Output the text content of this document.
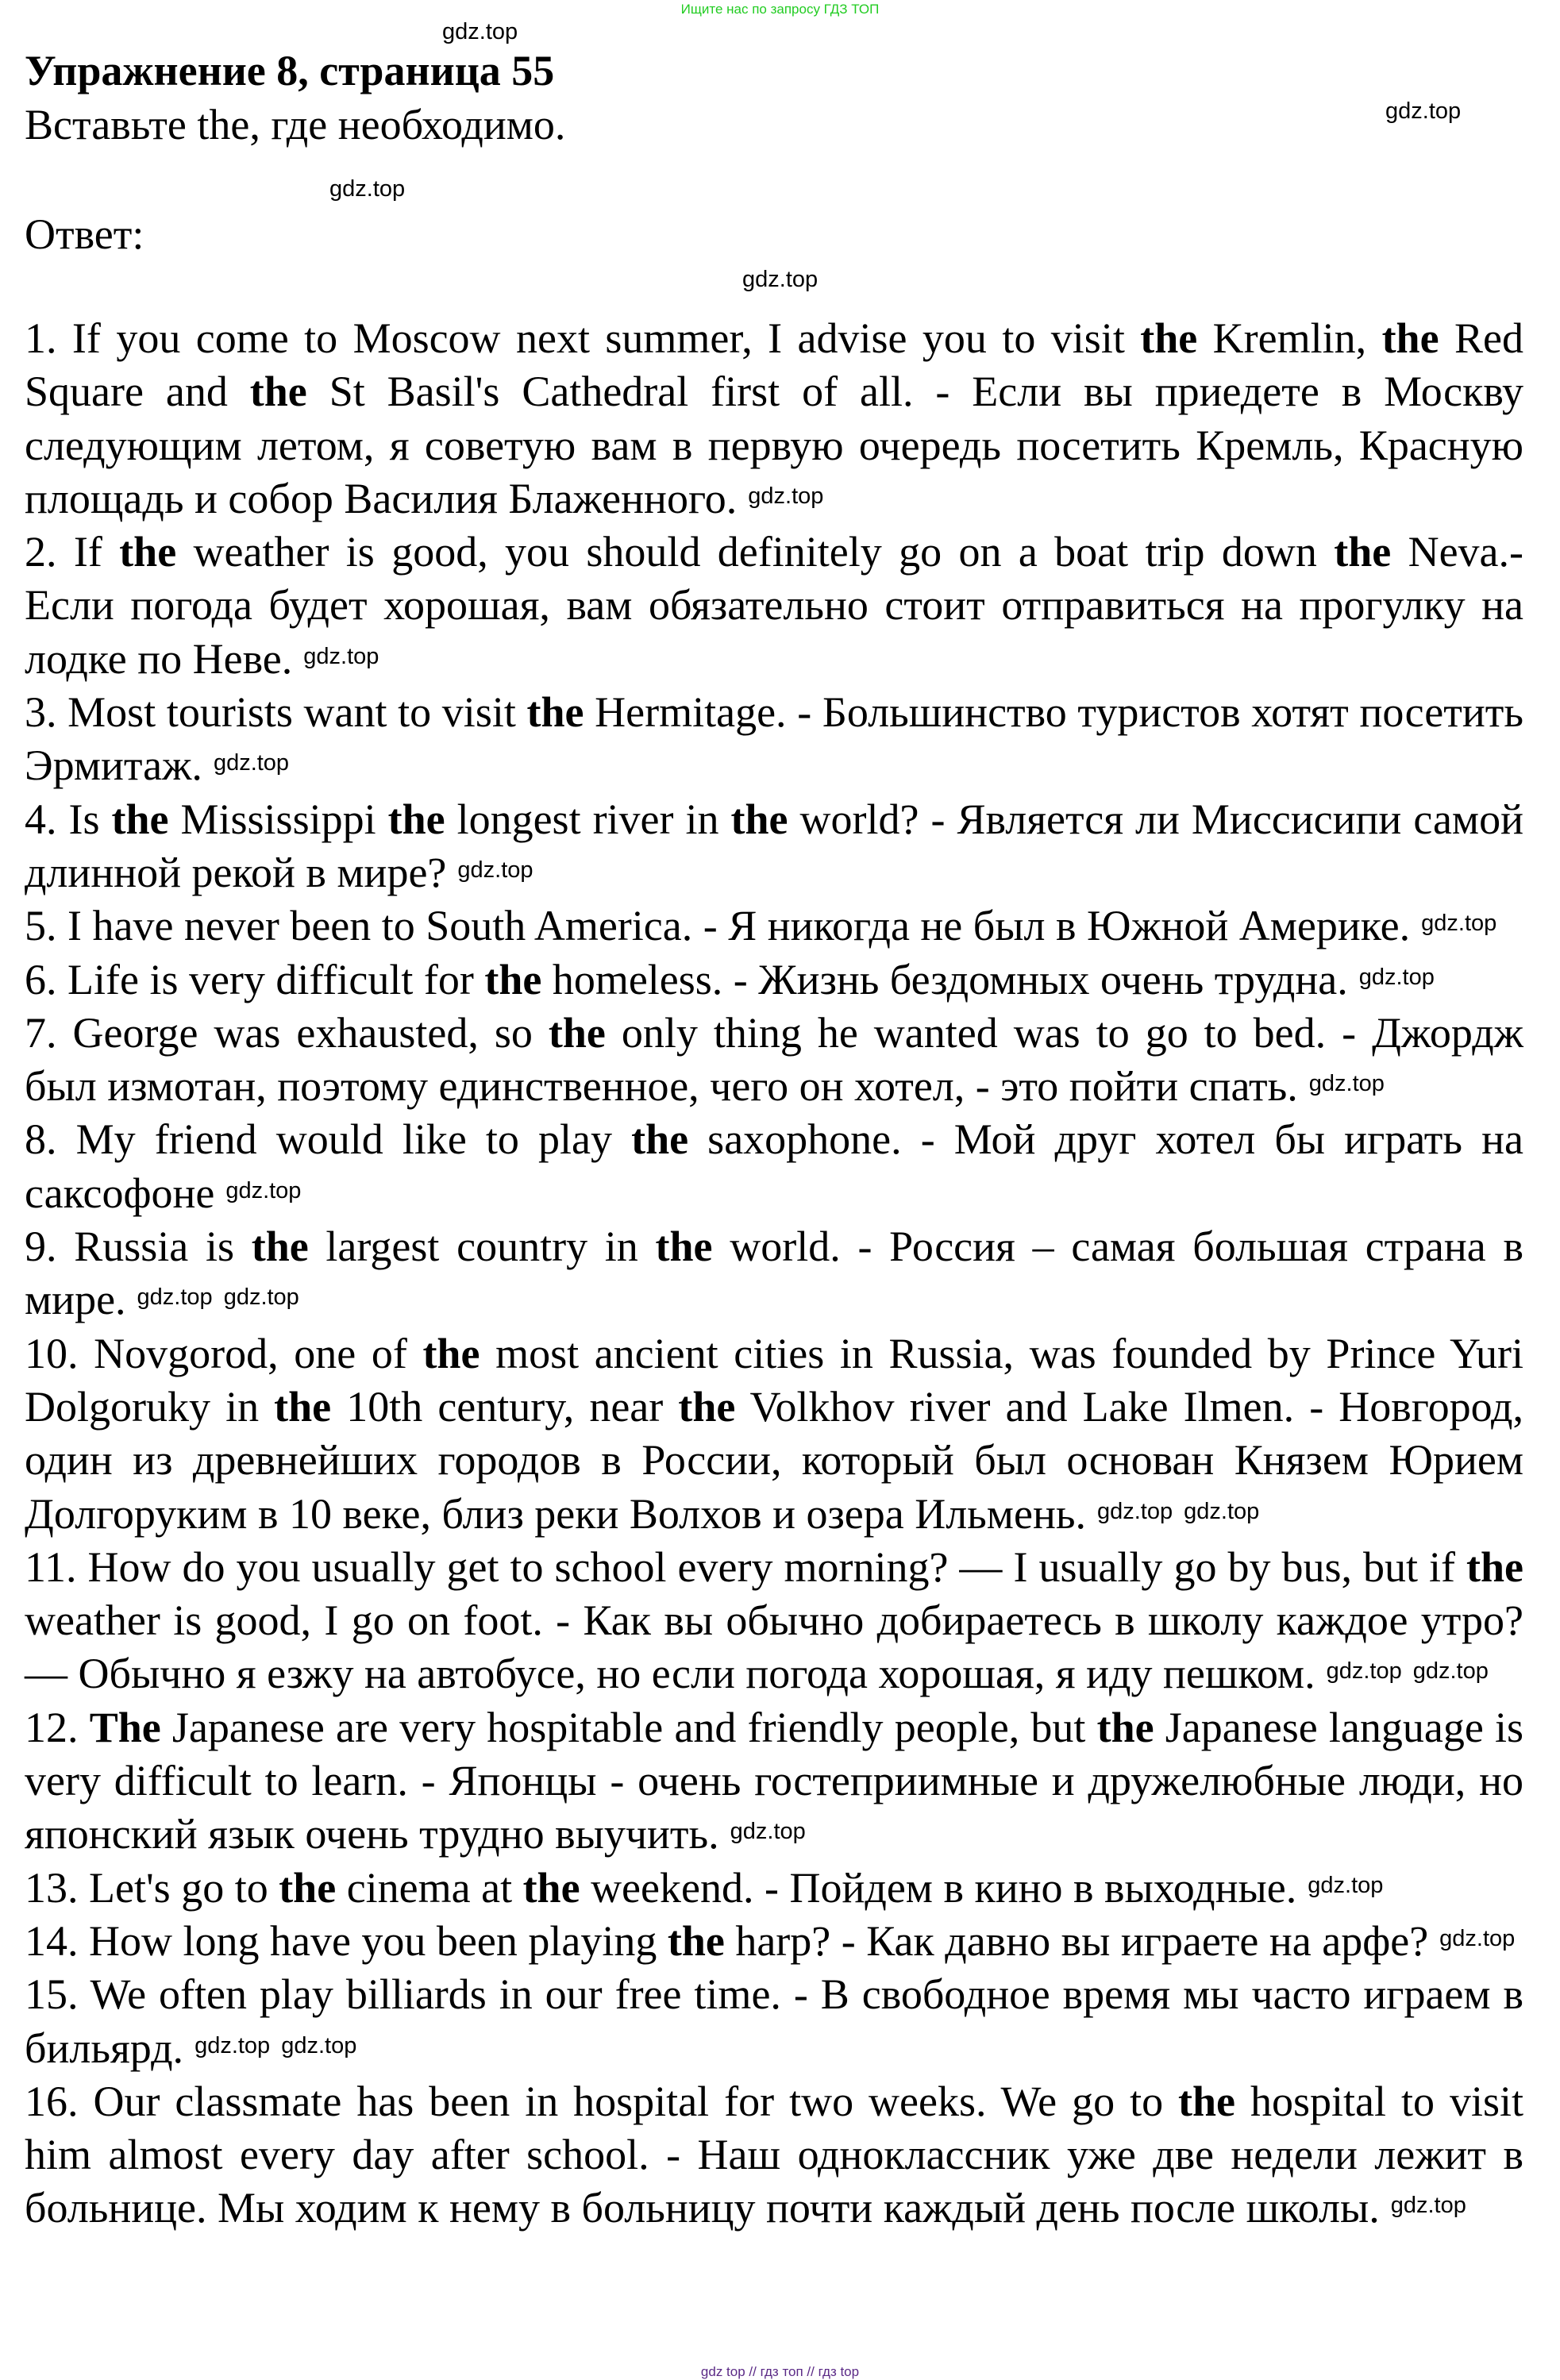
Ищите нас по запросу ГДЗ ТОП
Упражнение 8, страница 55
Вставьте the, где необходимо.
Ответ:

1. If you come to Moscow next summer, I advise you to visit the Kremlin, the Red Square and the St Basil's Cathedral first of all. - Если вы приедете в Москву следующим летом, я советую вам в первую очередь посетить Кремль, Красную площадь и собор Василия Блаженного. $^{gdz.top}$

2. If the weather is good, you should definitely go on a boat trip down the Neva.- Если погода будет хорошая, вам обязательно стоит отправиться на прогулку на лодке по Неве. $^{gdz.top}$

3. Most tourists want to visit the Hermitage. - Большинство туристов хотят посетить Эрмитаж. $^{gdz.top}$

4. Is the Mississippi the longest river in the world? - Является ли Миссисипи самой длинной рекой в мире? $^{gdz.top}$

5. I have never been to South America. - Я никогда не был в Южной Америке. $^{gdz.top}$

6. Life is very difficult for the homeless. - Жизнь бездомных очень трудна. $^{gdz.top}$

7. George was exhausted, so the only thing he wanted was to go to bed. - Джордж был измотан, поэтому единственное, чего он хотел, - это пойти спать. $^{gdz.top}$

8. My friend would like to play the saxophone. - Мой друг хотел бы играть на саксофоне $^{gdz.top}$

9. Russia is the largest country in the world. - Россия – самая большая страна в мире. $^{gdz.top}$ $^{gdz.top}$

10. Novgorod, one of the most ancient cities in Russia, was founded by Prince Yuri Dolgoruky in the 10th century, near the Volkhov river and Lake Ilmen. - Новгород, один из древнейших городов в России, который был основан Князем Юрием Долгоруким в 10 веке, близ реки Волхов и озера Ильмень. $^{gdz.top}$ $^{gdz.top}$

11. How do you usually get to school every morning? — I usually go by bus, but if the weather is good, I go on foot. - Как вы обычно добираетесь в школу каждое утро? — Обычно я езжу на автобусе, но если погода хорошая, я иду пешком. $^{gdz.top}$ $^{gdz.top}$

12. The Japanese are very hospitable and friendly people, but the Japanese language is very difficult to learn. - Японцы - очень гостеприимные и дружелюбные люди, но японский язык очень трудно выучить. $^{gdz.top}$

13. Let's go to the cinema at the weekend. - Пойдем в кино в выходные. $^{gdz.top}$

14. How long have you been playing the harp? - Как давно вы играете на арфе? $^{gdz.top}$

15. We often play billiards in our free time. - В свободное время мы часто играем в бильярд. $^{gdz.top}$ $^{gdz.top}$

16. Our classmate has been in hospital for two weeks. We go to the hospital to visit him almost every day after school. - Наш одноклассник уже две недели лежит в больнице. Мы ходим к нему в больницу почти каждый день после школы. $^{gdz.top}$

gdz.top
gdz.top
gdz.top
gdz.top
gdz top // гдз топ // гдз top
